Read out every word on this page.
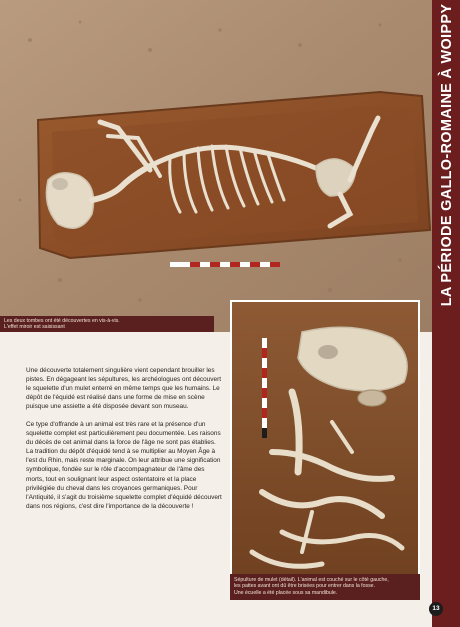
Les deux tombes ont été découvertes en vis-à-vis.
L'effet miroir est saisissant
LA PÉRIODE GALLO-ROMAINE À WOIPPY

Une découverte totalement singulière vient cependant brouiller les pistes. En dégageant les sépultures, les archéologues ont découvert le squelette d'un mulet enterré en même temps que les humains. Le dépôt de l'équidé est réalisé dans une forme de mise en scène puisque une assiette a été disposée devant son museau.

Ce type d'offrande à un animal est très rare et la présence d'un squelette complet est particulièrement peu documentée. Les raisons du décès de cet animal dans la force de l'âge ne sont pas établies. La tradition du dépôt d'équidé tend à se multiplier au Moyen Âge à l'est du Rhin, mais reste marginale. On leur attribue une signification symbolique, fondée sur le rôle d'accompagnateur de l'âme des morts, tout en soulignant leur aspect ostentatoire et la place privilégiée du cheval dans les croyances germaniques. Pour l'Antiquité, il s'agit du troisième squelette complet d'équidé découvert dans nos régions, c'est dire l'importance de la découverte !

Sépulture de mulet (détail). L'animal est couché sur le côté gauche,
les pattes avant ont dû être brisées pour entrer dans la fosse.
Une écuelle a été placée sous sa mandibule.
13
